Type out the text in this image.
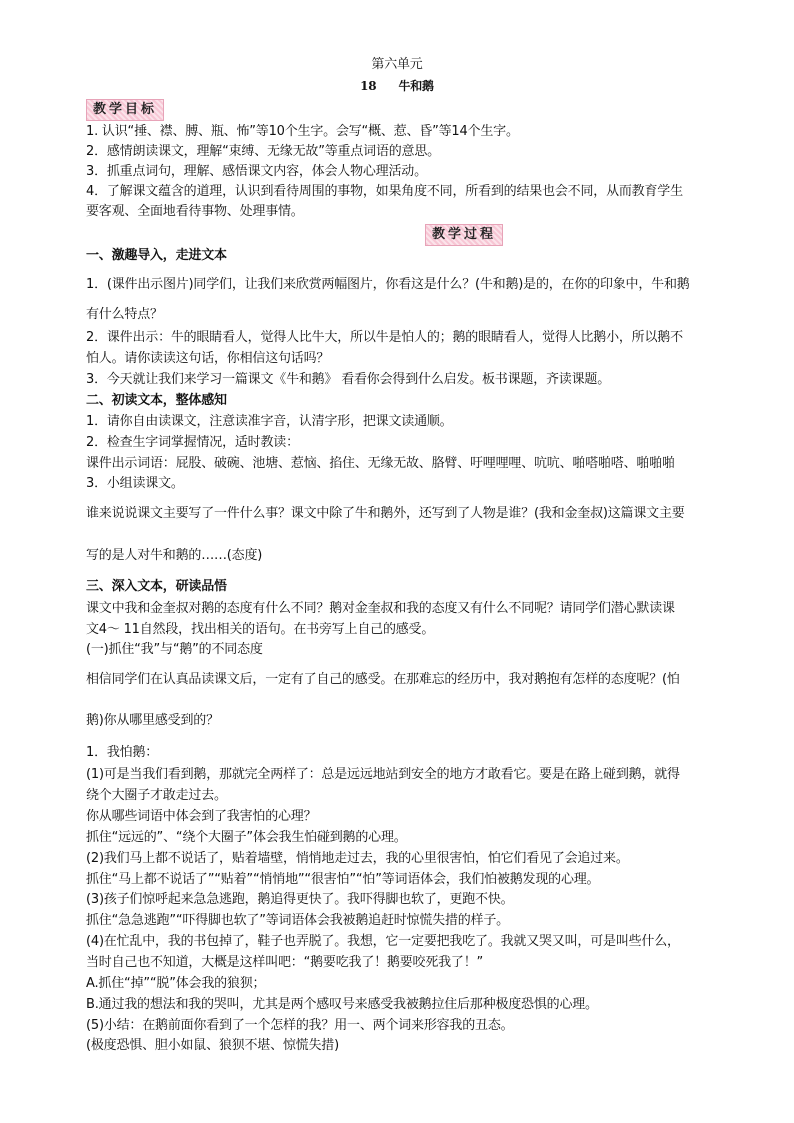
第六单元
18 牛和鹅
教学目标
1. 认识“捶、襟、膊、瓶、怖”等10个生字。会写“概、惹、昏”等14个生字。
2．感情朗读课文，理解“束缚、无缘无故”等重点词语的意思。
3．抓重点词句，理解、感悟课文内容，体会人物心理活动。
4．了解课文蕴含的道理，认识到看待周围的事物，如果角度不同，所看到的结果也会不同，从而教育学生
要客观、全面地看待事物、处理事情。
教学过程
一、激趣导入，走进文本
1．(课件出示图片)同学们，让我们来欣赏两幅图片，你看这是什么？(牛和鹅)是的，在你的印象中，牛和鹅
有什么特点？
2．课件出示：牛的眼睛看人，觉得人比牛大，所以牛是怕人的；鹅的眼睛看人，觉得人比鹅小，所以鹅不
怕人。请你读读这句话，你相信这句话吗？
3．今天就让我们来学习一篇课文《牛和鹅》 看看你会得到什么启发。板书课题，齐读课题。
二、初读文本，整体感知
1．请你自由读课文，注意读准字音，认清字形，把课文读通顺。
2．检查生字词掌握情况，适时教读：
课件出示词语：屁股、破碗、池塘、惹恼、掐住、无缘无故、胳臂、吁哩哩哩、吭吭、啪嗒啪嗒、啪啪啪
3．小组读课文。
谁来说说课文主要写了一件什么事？课文中除了牛和鹅外，还写到了人物是谁？(我和金奎叔)这篇课文主要
写的是人对牛和鹅的……(态度)
三、深入文本，研读品悟
课文中我和金奎叔对鹅的态度有什么不同？鹅对金奎叔和我的态度又有什么不同呢？请同学们潜心默读课
文4～ 11自然段，找出相关的语句。在书旁写上自己的感受。
(一)抓住“我”与“鹅”的不同态度
相信同学们在认真品读课文后，一定有了自己的感受。在那难忘的经历中，我对鹅抱有怎样的态度呢？(怕
鹅)你从哪里感受到的？
1．我怕鹅：
(1)可是当我们看到鹅，那就完全两样了：总是远远地站到安全的地方才敢看它。要是在路上碰到鹅，就得
绕个大圈子才敢走过去。
你从哪些词语中体会到了我害怕的心理？
抓住“远远的”、“绕个大圈子”体会我生怕碰到鹅的心理。
(2)我们马上都不说话了，贴着墙壁，悄悄地走过去，我的心里很害怕，怕它们看见了会追过来。
抓住“马上都不说话了”“贴着”“悄悄地”“很害怕”“怕”等词语体会，我们怕被鹅发现的心理。
(3)孩子们惊呼起来急急逃跑，鹅追得更快了。我吓得脚也软了，更跑不快。
抓住“急急逃跑”“吓得脚也软了”等词语体会我被鹅追赶时惊慌失措的样子。
(4)在忙乱中，我的书包掉了，鞋子也弄脱了。我想，它一定要把我吃了。我就又哭又叫，可是叫些什么，
当时自己也不知道，大概是这样叫吧：“鹅要吃我了！鹅要咬死我了！”
A.抓住“掉”“脱”体会我的狼狈；
B.通过我的想法和我的哭叫，尤其是两个感叹号来感受我被鹅拉住后那种极度恐惧的心理。
(5)小结：在鹅前面你看到了一个怎样的我？用一、两个词来形容我的丑态。
(极度恐惧、胆小如鼠、狼狈不堪、惊慌失措)
